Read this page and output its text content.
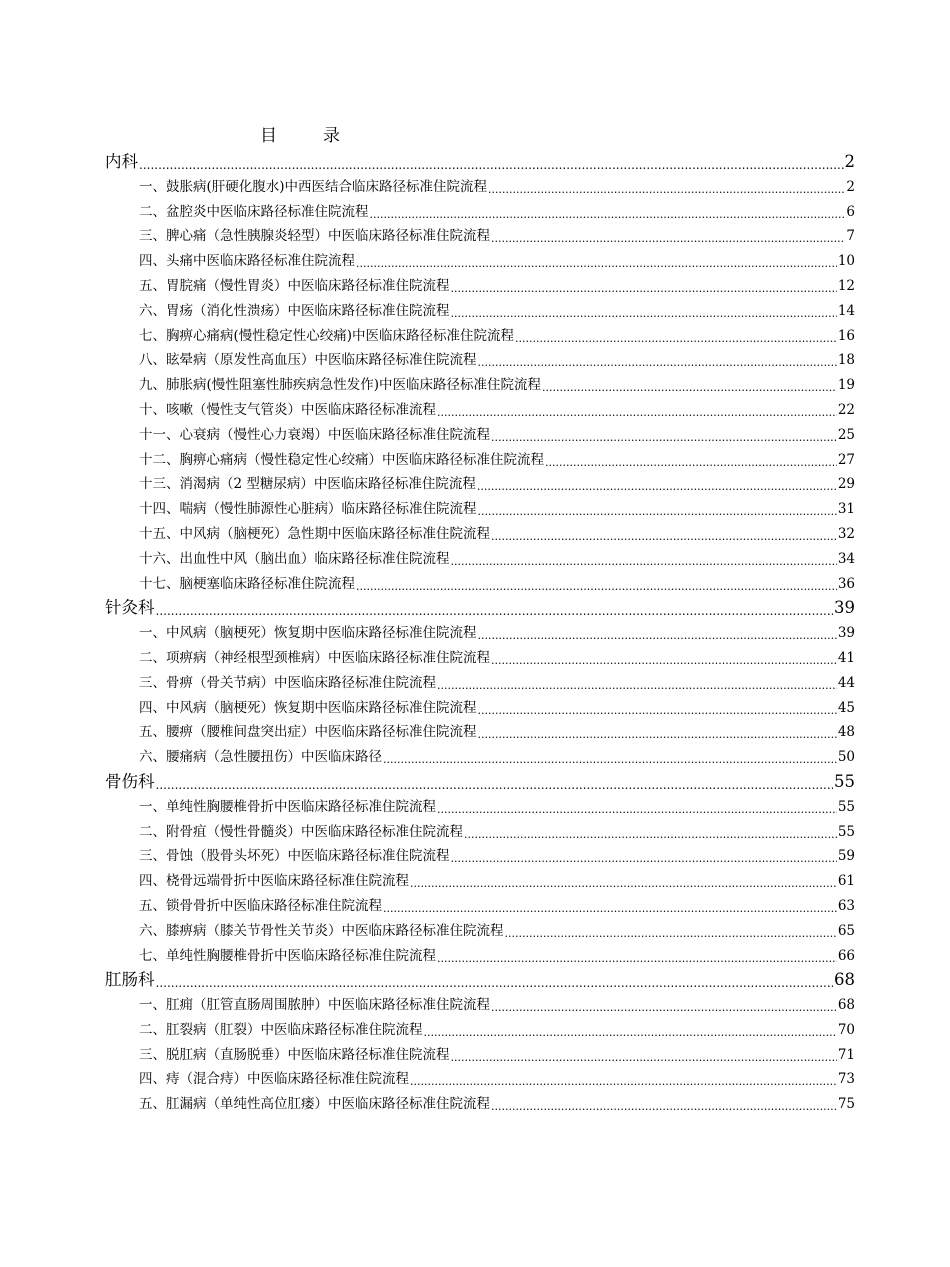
目	录
内科 .....	2
一、鼓胀病(肝硬化腹水)中西医结合临床路径标准住院流程 .....	2
二、盆腔炎中医临床路径标准住院流程 .....	6
三、脾心痛（急性胰腺炎轻型）中医临床路径标准住院流程 .....	7
四、头痛中医临床路径标准住院流程 .....	10
五、胃脘痛（慢性胃炎）中医临床路径标准住院流程 .....	12
六、胃疡（消化性溃疡）中医临床路径标准住院流程 .....	14
七、胸痹心痛病(慢性稳定性心绞痛)中医临床路径标准住院流程 .....	16
八、眩晕病（原发性高血压）中医临床路径标准住院流程 .....	18
九、肺胀病(慢性阻塞性肺疾病急性发作)中医临床路径标准住院流程 .....	19
十、咳嗽（慢性支气管炎）中医临床路径标准流程 .....	22
十一、心衰病（慢性心力衰竭）中医临床路径标准住院流程 .....	25
十二、胸痹心痛病（慢性稳定性心绞痛）中医临床路径标准住院流程 .....	27
十三、消渴病（2 型糖尿病）中医临床路径标准住院流程 .....	29
十四、喘病（慢性肺源性心脏病）临床路径标准住院流程 .....	31
十五、中风病（脑梗死）急性期中医临床路径标准住院流程 .....	32
十六、出血性中风（脑出血）临床路径标准住院流程 .....	34
十七、脑梗塞临床路径标准住院流程 .....	36
针灸科 .....	39
一、中风病（脑梗死）恢复期中医临床路径标准住院流程 .....	39
二、项痹病（神经根型颈椎病）中医临床路径标准住院流程 .....	41
三、骨痹（骨关节病）中医临床路径标准住院流程 .....	44
四、中风病（脑梗死）恢复期中医临床路径标准住院流程 .....	45
五、腰痹（腰椎间盘突出症）中医临床路径标准住院流程 .....	48
六、腰痛病（急性腰扭伤）中医临床路径 .....	50
骨伤科 .....	55
一、单纯性胸腰椎骨折中医临床路径标准住院流程 .....	55
二、附骨疽（慢性骨髓炎）中医临床路径标准住院流程 .....	55
三、骨蚀（股骨头坏死）中医临床路径标准住院流程 .....	59
四、桡骨远端骨折中医临床路径标准住院流程 .....	61
五、锁骨骨折中医临床路径标准住院流程 .....	63
六、膝痹病（膝关节骨性关节炎）中医临床路径标准住院流程 .....	65
七、单纯性胸腰椎骨折中医临床路径标准住院流程 .....	66
肛肠科 .....	68
一、肛痈（肛管直肠周围脓肿）中医临床路径标准住院流程 .....	68
二、肛裂病（肛裂）中医临床路径标准住院流程 .....	70
三、脱肛病（直肠脱垂）中医临床路径标准住院流程 .....	71
四、痔（混合痔）中医临床路径标准住院流程 .....	73
五、肛漏病（单纯性高位肛瘘）中医临床路径标准住院流程 .....	75
